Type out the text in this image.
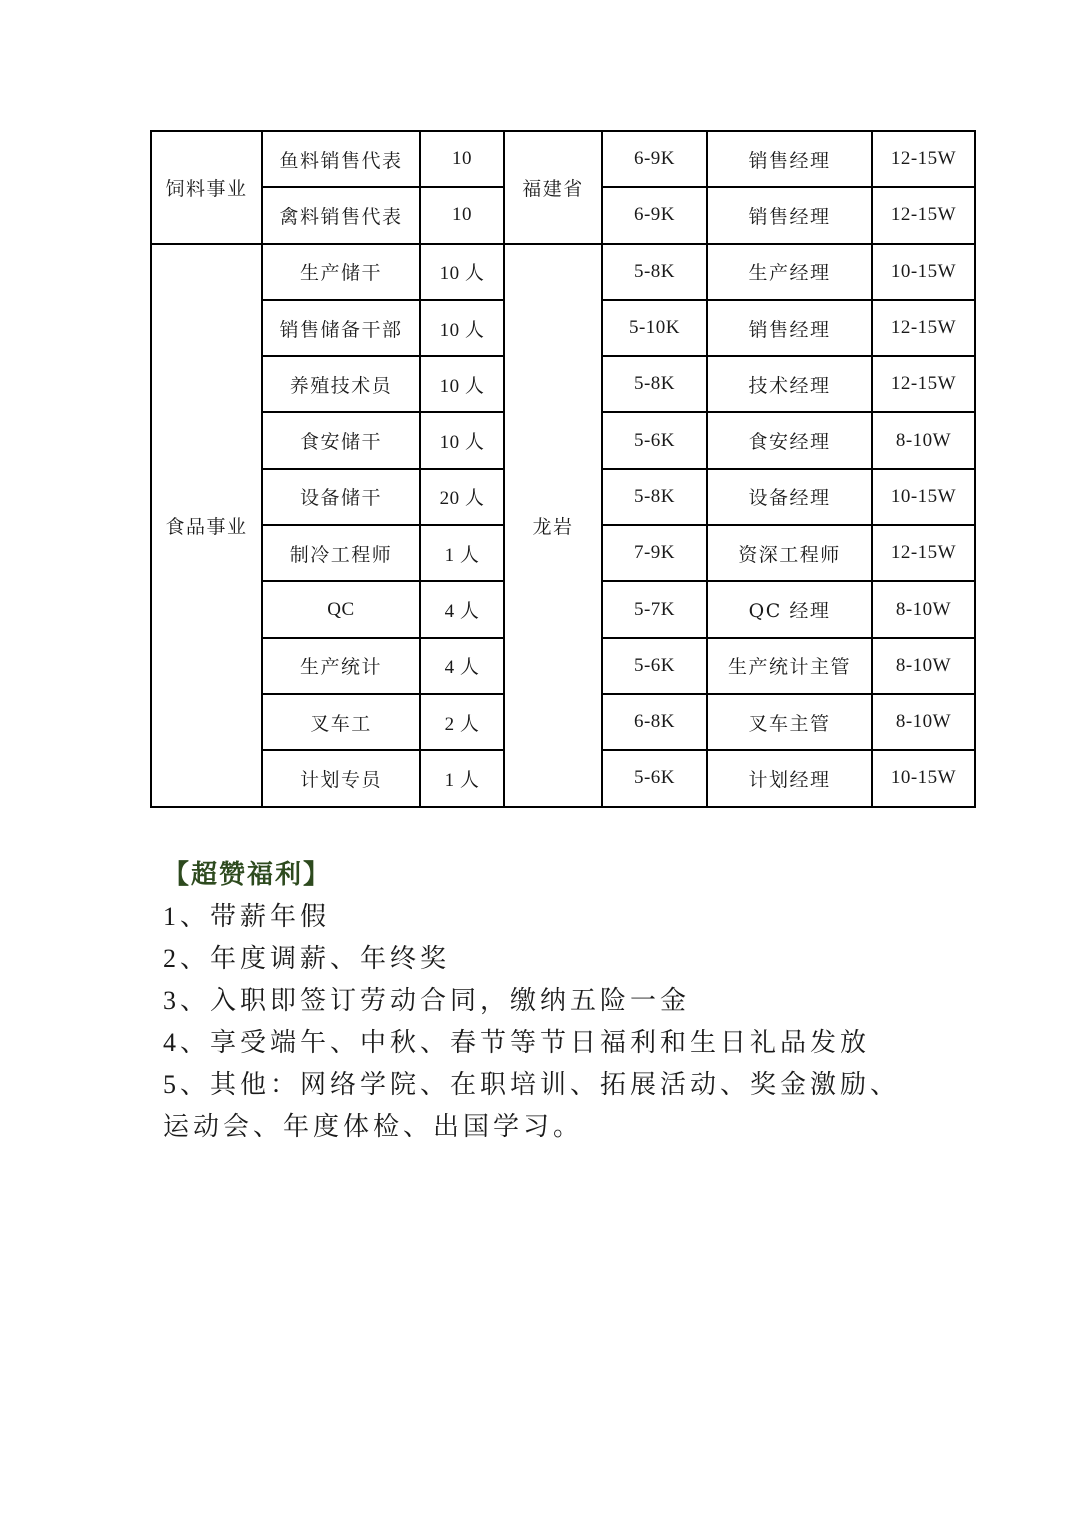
饲料事业	鱼料销售代表	10	福建省	6-9K	销售经理	12-15W
	禽料销售代表	10		6-9K	销售经理	12-15W
食品事业	生产储干	10 人	龙岩	5-8K	生产经理	10-15W
	销售储备干部	10 人		5-10K	销售经理	12-15W
	养殖技术员	10 人		5-8K	技术经理	12-15W
	食安储干	10 人		5-6K	食安经理	8-10W
	设备储干	20 人		5-8K	设备经理	10-15W
	制冷工程师	1 人		7-9K	资深工程师	12-15W
	QC	4 人		5-7K	QC 经理	8-10W
	生产统计	4 人		5-6K	生产统计主管	8-10W
	叉车工	2 人		6-8K	叉车主管	8-10W
	计划专员	1 人		5-6K	计划经理	10-15W
【超赞福利】

1、带薪年假

2、年度调薪、年终奖

3、入职即签订劳动合同，缴纳五险一金

4、享受端午、中秋、春节等节日福利和生日礼品发放

5、其他：网络学院、在职培训、拓展活动、奖金激励、运动会、年度体检、出国学习。
